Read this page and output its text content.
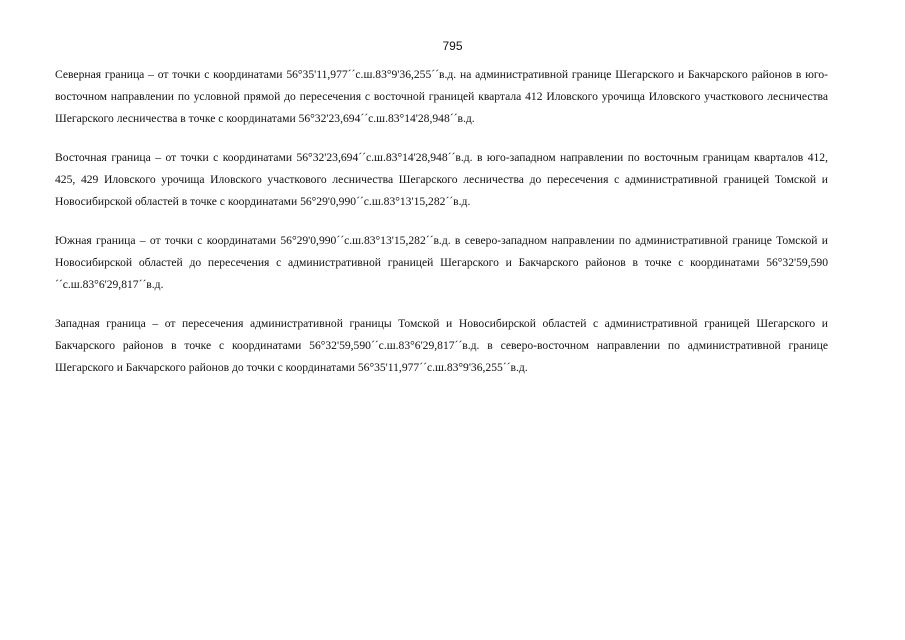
795

Северная граница – от точки с координатами 56°35'11,977´´с.ш.83°9'36,255´´в.д. на административной границе Шегарского и Бакчарского районов в юго-восточном направлении по условной прямой до пересечения с восточной границей квартала 412 Иловского урочища Иловского участкового лесничества Шегарского лесничества в точке с координатами 56°32'23,694´´с.ш.83°14'28,948´´в.д.

Восточная граница – от точки с координатами 56°32'23,694´´с.ш.83°14'28,948´´в.д. в юго-западном направлении по восточным границам кварталов 412, 425, 429 Иловского урочища Иловского участкового лесничества Шегарского лесничества до пересечения с административной границей Томской и Новосибирской областей в точке с координатами 56°29'0,990´´с.ш.83°13'15,282´´в.д.

Южная граница – от точки с координатами 56°29'0,990´´с.ш.83°13'15,282´´в.д. в северо-западном направлении по административной границе Томской и Новосибирской областей до пересечения с административной границей Шегарского и Бакчарского районов в точке с координатами 56°32'59,590´´с.ш.83°6'29,817´´в.д.

Западная граница – от пересечения административной границы Томской и Новосибирской областей с административной границей Шегарского и Бакчарского районов в точке с координатами 56°32'59,590´´с.ш.83°6'29,817´´в.д. в северо-восточном направлении по административной границе Шегарского и Бакчарского районов до точки с координатами 56°35'11,977´´с.ш.83°9'36,255´´в.д.
